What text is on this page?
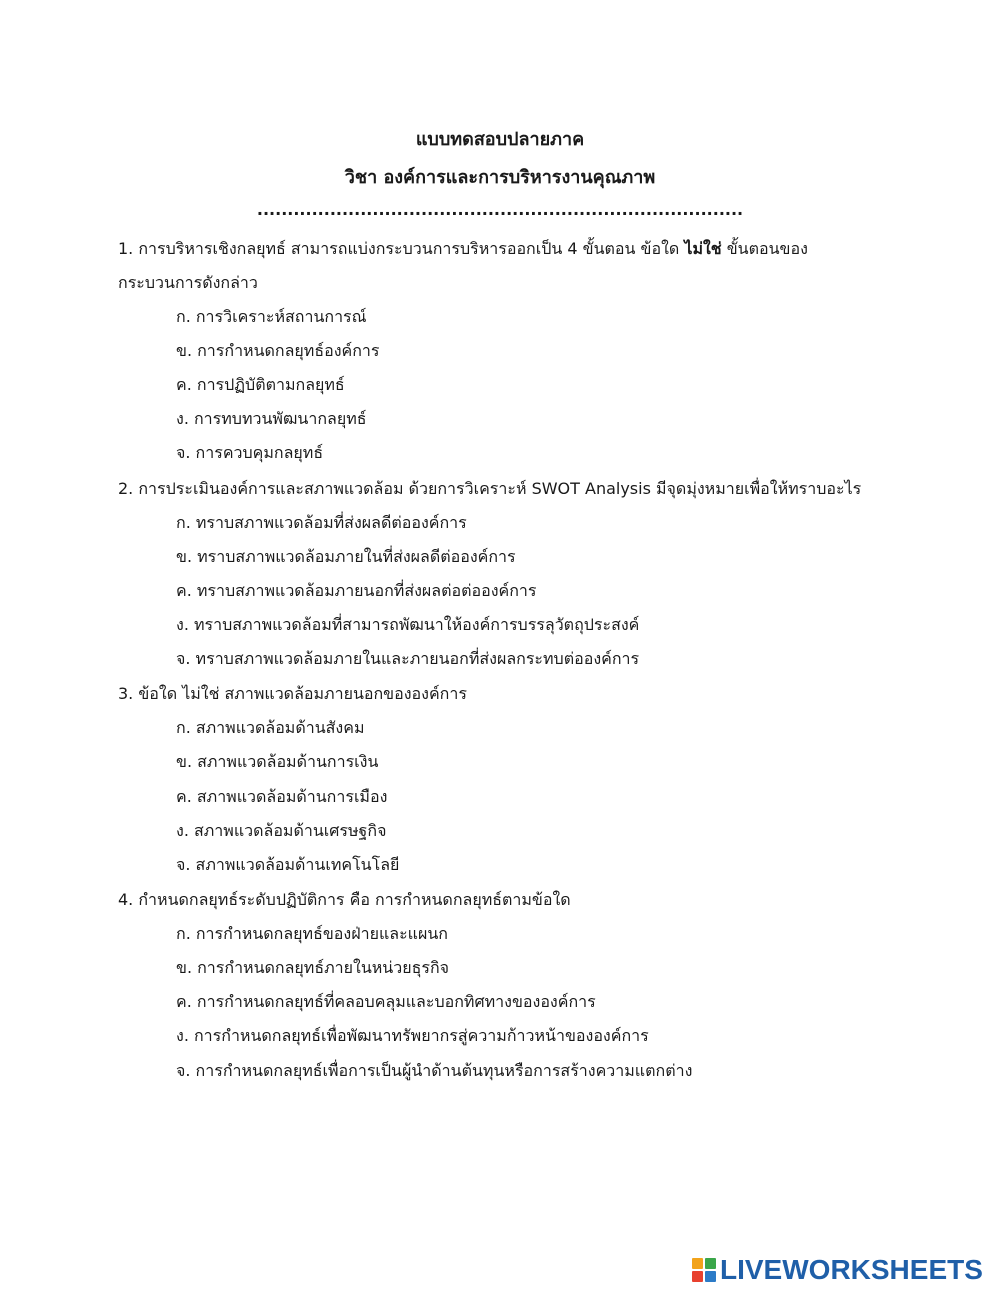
แบบทดสอบปลายภาค
วิชา องค์การและการบริหารงานคุณภาพ
................................................................................
1. การบริหารเชิงกลยุทธ์ สามารถแบ่งกระบวนการบริหารออกเป็น 4 ขั้นตอน ข้อใด ไม่ใช่ ขั้นตอนของ
กระบวนการดังกล่าว
ก. การวิเคราะห์สถานการณ์
ข. การกำหนดกลยุทธ์องค์การ
ค. การปฏิบัติตามกลยุทธ์
ง. การทบทวนพัฒนากลยุทธ์
จ. การควบคุมกลยุทธ์
2. การประเมินองค์การและสภาพแวดล้อม ด้วยการวิเคราะห์ SWOT Analysis มีจุดมุ่งหมายเพื่อให้ทราบอะไร
ก. ทราบสภาพแวดล้อมที่ส่งผลดีต่อองค์การ
ข. ทราบสภาพแวดล้อมภายในที่ส่งผลดีต่อองค์การ
ค. ทราบสภาพแวดล้อมภายนอกที่ส่งผลต่อต่อองค์การ
ง. ทราบสภาพแวดล้อมที่สามารถพัฒนาให้องค์การบรรลุวัตถุประสงค์
จ. ทราบสภาพแวดล้อมภายในและภายนอกที่ส่งผลกระทบต่อองค์การ
3. ข้อใด ไม่ใช่ สภาพแวดล้อมภายนอกขององค์การ
ก. สภาพแวดล้อมด้านสังคม
ข. สภาพแวดล้อมด้านการเงิน
ค. สภาพแวดล้อมด้านการเมือง
ง. สภาพแวดล้อมด้านเศรษฐกิจ
จ. สภาพแวดล้อมด้านเทคโนโลยี
4. กำหนดกลยุทธ์ระดับปฏิบัติการ คือ การกำหนดกลยุทธ์ตามข้อใด
ก. การกำหนดกลยุทธ์ของฝ่ายและแผนก
ข. การกำหนดกลยุทธ์ภายในหน่วยธุรกิจ
ค. การกำหนดกลยุทธ์ที่คลอบคลุมและบอกทิศทางขององค์การ
ง. การกำหนดกลยุทธ์เพื่อพัฒนาทรัพยากรสู่ความก้าวหน้าขององค์การ
จ. การกำหนดกลยุทธ์เพื่อการเป็นผู้นำด้านต้นทุนหรือการสร้างความแตกต่าง
LIVEWORKSHEETS
